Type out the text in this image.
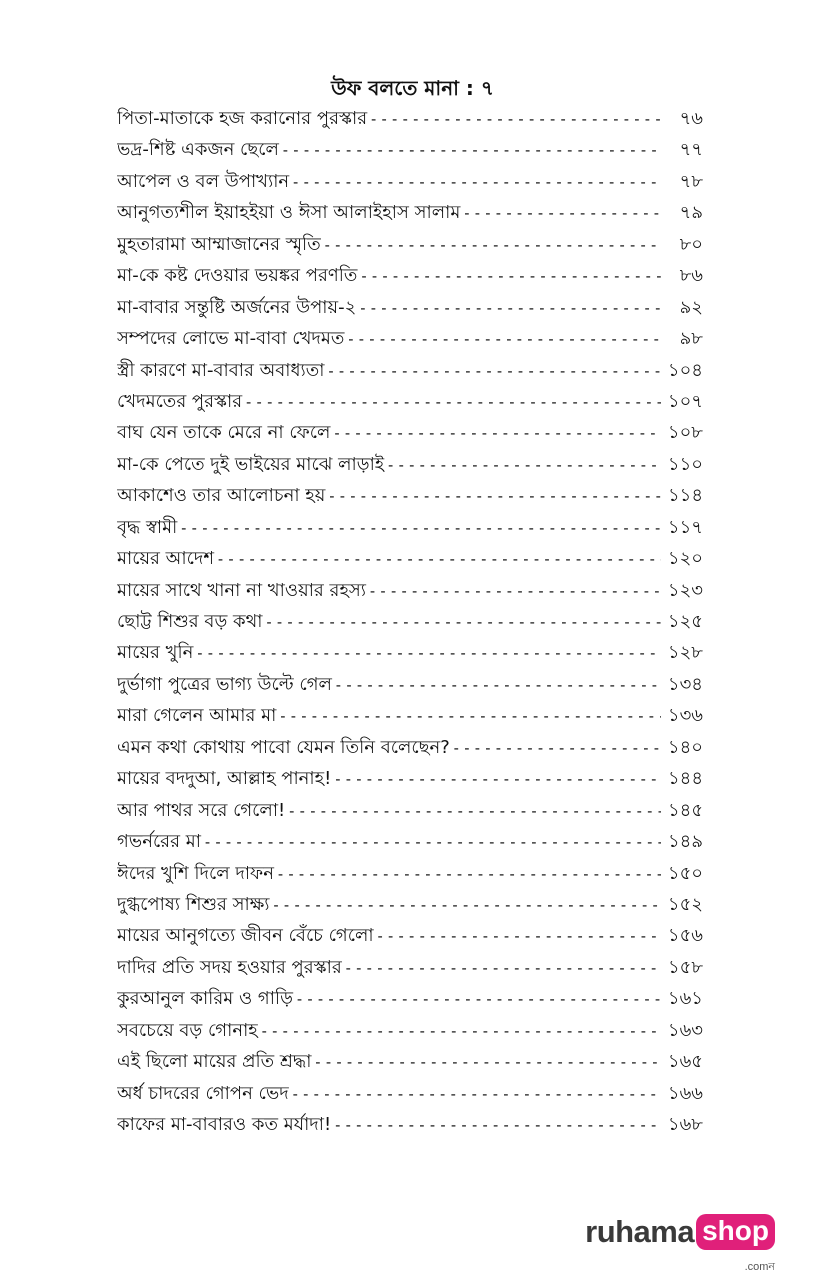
উফ বলতে মানা : ৭
পিতা-মাতাকে হজ করানোর পুরস্কার -----	৭৬
ভদ্র-শিষ্ট একজন ছেলে -----	৭৭
আপেল ও বল উপাখ্যান -----	৭৮
আনুগত্যশীল ইয়াহইয়া ও ঈসা আলাইহাস সালাম -----	৭৯
মুহতারামা আম্মাজানের স্মৃতি -----	৮০
মা-কে কষ্ট দেওয়ার ভয়ঙ্কর পরণতি -----	৮৬
মা-বাবার সন্তুষ্টি অর্জনের উপায়-২ -----	৯২
সম্পদের লোভে মা-বাবা খেদমত -----	৯৮
স্ত্রী কারণে মা-বাবার অবাধ্যতা -----	১০৪
খেদমতের পুরস্কার -----	১০৭
বাঘ যেন তাকে মেরে না ফেলে -----	১০৮
মা-কে পেতে দুই ভাইয়ের মাঝে লাড়াই -----	১১০
আকাশেও তার আলোচনা হয় -----	১১৪
বৃদ্ধ স্বামী -----	১১৭
মায়ের আদেশ -----	১২০
মায়ের সাথে খানা না খাওয়ার রহস্য -----	১২৩
ছোট্ট শিশুর বড় কথা -----	১২৫
মায়ের খুনি -----	১২৮
দুর্ভাগা পুত্রের ভাগ্য উল্টে গেল -----	১৩৪
মারা গেলেন আমার মা -----	১৩৬
এমন কথা কোথায় পাবো যেমন তিনি বলেছেন? -----	১৪০
মায়ের বদদুআ, আল্লাহ পানাহ! -----	১৪৪
আর পাথর সরে গেলো! -----	১৪৫
গভর্নরের মা -----	১৪৯
ঈদের খুশি দিলে দাফন -----	১৫০
দুগ্ধপোষ্য শিশুর সাক্ষ্য -----	১৫২
মায়ের আনুগত্যে জীবন বেঁচে গেলো -----	১৫৬
দাদির প্রতি সদয় হওয়ার পুরস্কার -----	১৫৮
কুরআনুল কারিম ও গাড়ি -----	১৬১
সবচেয়ে বড় গোনাহ -----	১৬৩
এই ছিলো মায়ের প্রতি শ্রদ্ধা -----	১৬৫
অর্ধ চাদরের গোপন ভেদ -----	১৬৬
কাফের মা-বাবারও কত মর্যাদা! -----	১৬৮
ruhama shop
.comন
